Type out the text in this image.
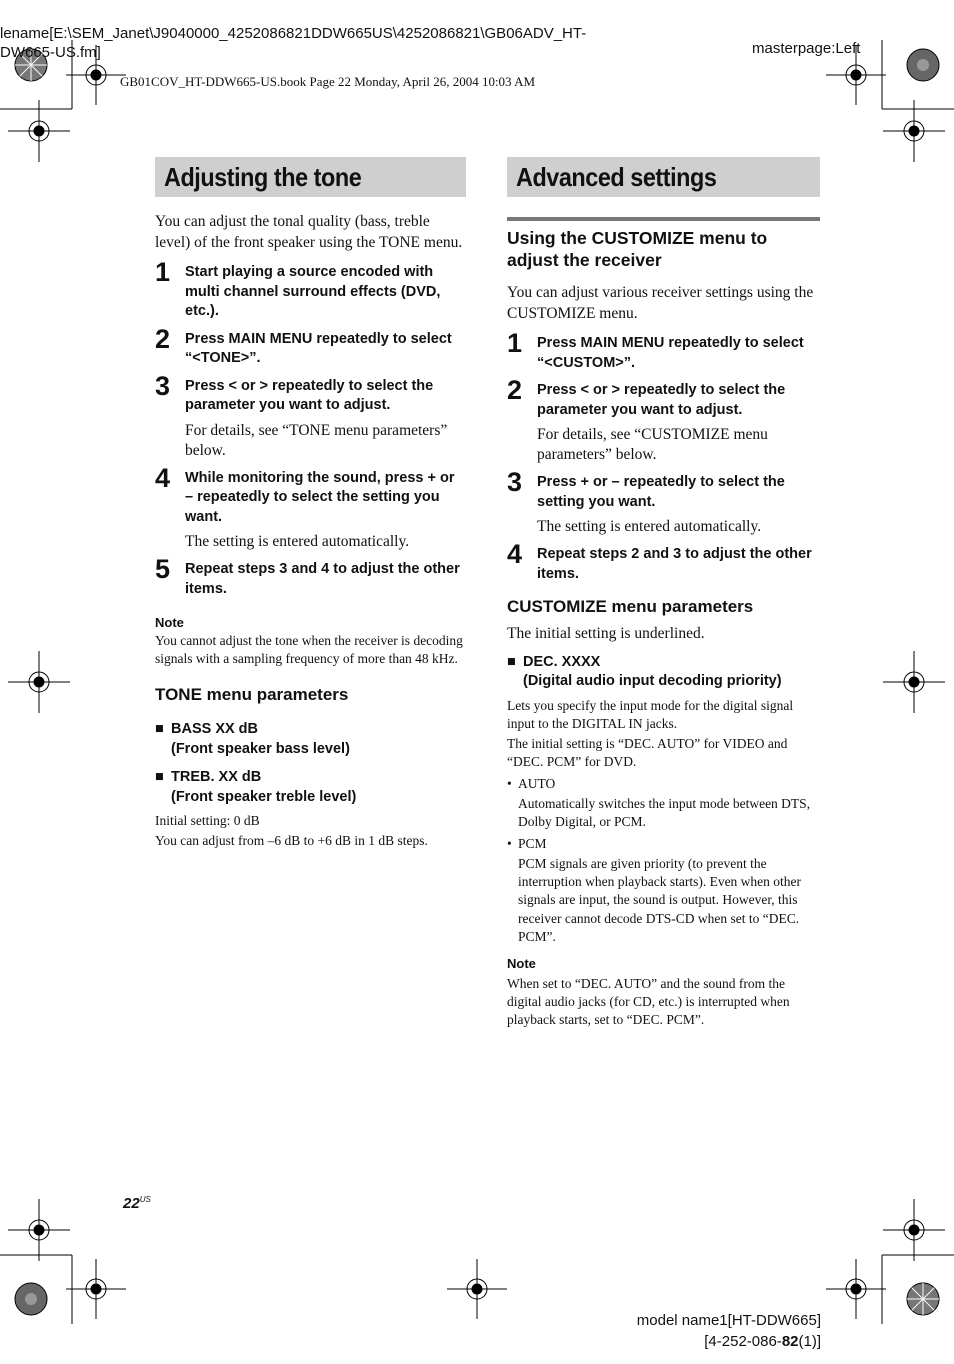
lename[E:\SEM_Janet\J9040000_4252086821DDW665US\4252086821\GB06ADV_HT-
DW665-US.fm]	masterpage:Left
GB01COV_HT-DDW665-US.book Page 22 Monday, April 26, 2004 10:03 AM
Adjusting the tone

You can adjust the tonal quality (bass, treble level) of the front speaker using the TONE menu.

1 Start playing a source encoded with multi channel surround effects (DVD, etc.).
2 Press MAIN MENU repeatedly to select “<TONE>”.
3 Press < or > repeatedly to select the parameter you want to adjust.
For details, see “TONE menu parameters” below.
4 While monitoring the sound, press + or – repeatedly to select the setting you want.
The setting is entered automatically.
5 Repeat steps 3 and 4 to adjust the other items.
Note
You cannot adjust the tone when the receiver is decoding signals with a sampling frequency of more than 48 kHz.
TONE menu parameters
■ BASS XX dB
(Front speaker bass level)
■ TREB. XX dB
(Front speaker treble level)
Initial setting: 0 dB
You can adjust from –6 dB to +6 dB in 1 dB steps.
Advanced settings
Using the CUSTOMIZE menu to adjust the receiver

You can adjust various receiver settings using the CUSTOMIZE menu.

1 Press MAIN MENU repeatedly to select “<CUSTOM>”.
2 Press < or > repeatedly to select the parameter you want to adjust.
For details, see “CUSTOMIZE menu parameters” below.
3 Press + or – repeatedly to select the setting you want.
The setting is entered automatically.
4 Repeat steps 2 and 3 to adjust the other items.
CUSTOMIZE menu parameters

The initial setting is underlined.

■ DEC. XXXX
(Digital audio input decoding priority)
Lets you specify the input mode for the digital signal input to the DIGITAL IN jacks.
The initial setting is “DEC. AUTO” for VIDEO and “DEC. PCM” for DVD.
• AUTO
Automatically switches the input mode between DTS, Dolby Digital, or PCM.
• PCM
PCM signals are given priority (to prevent the interruption when playback starts). Even when other signals are input, the sound is output. However, this receiver cannot decode DTS-CD when set to “DEC. PCM”.
Note
When set to “DEC. AUTO” and the sound from the digital audio jacks (for CD, etc.) is interrupted when playback starts, set to “DEC. PCM”.
$22^{US}$
model name1[HT-DDW665]
[4-252-086-82(1)]
